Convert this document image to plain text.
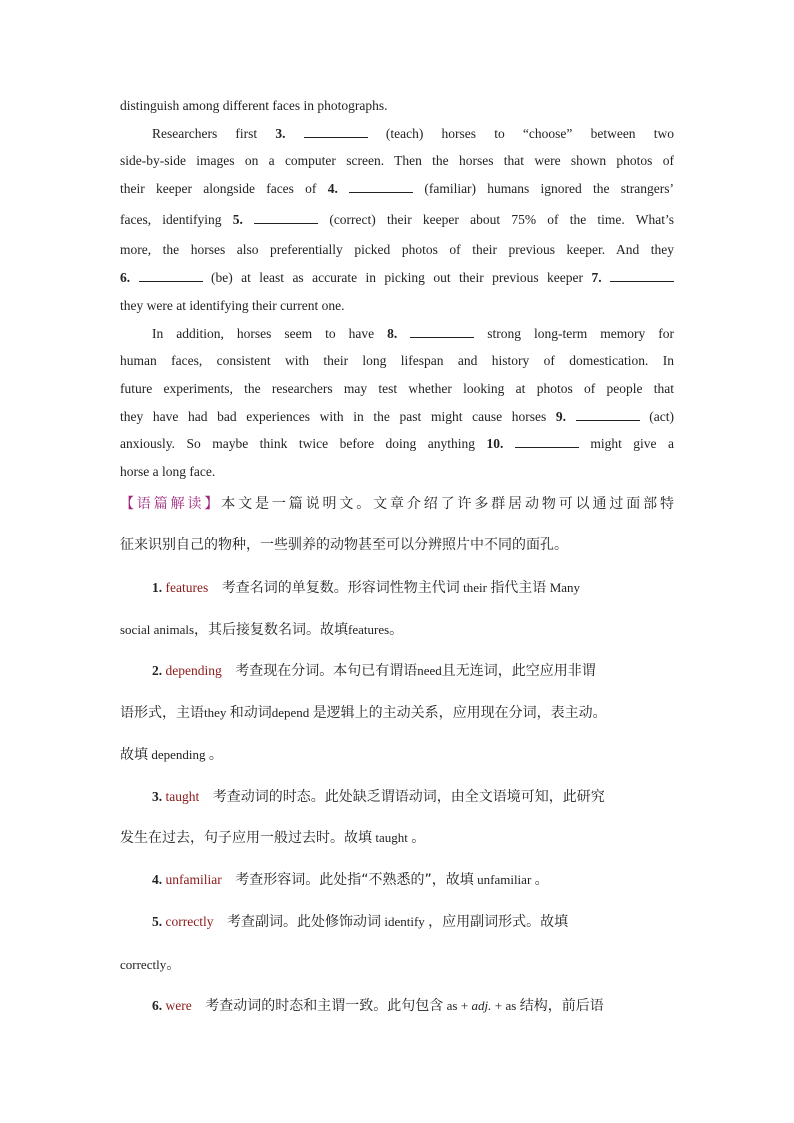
distinguish among different faces in photographs.
Researchers first 3.	(teach) horses to “choose” between two
side-by-side images on a computer screen. Then the horses that were shown photos of
their keeper alongside faces of 4.	(familiar) humans ignored the strangers’
faces, identifying 5.	(correct) their keeper about 75% of the time. What’s
more, the horses also preferentially picked photos of their previous keeper. And they
6.	(be) at least as accurate in picking out their previous keeper 7.
they were at identifying their current one.
In addition, horses seem to have 8.	strong long-term memory for
human faces, consistent with their long lifespan and history of domestication. In
future experiments, the researchers may test whether looking at photos of people that
they have had bad experiences with in the past might cause horses 9.	(act)
anxiously. So maybe think twice before doing anything 10.	might give a
horse a long face.
【语篇解读】本文是一篇说明文。文章介绍了许多群居动物可以通过面部特
征来识别自己的物种，一些驯养的动物甚至可以分辨照片中不同的面孔。
1. features 考查名词的单复数。形容词性物主代词 their 指代主语 Many
social animals，其后接复数名词。故填features。
2. depending 考查现在分词。本句已有谓语need且无连词，此空应用非谓
语形式，主语they 和动词depend 是逻辑上的主动关系，应用现在分词，表主动。
故填 depending 。
3. taught 考查动词的时态。此处缺乏谓语动词，由全文语境可知，此研究
发生在过去，句子应用一般过去时。故填 taught 。
4. unfamiliar 考查形容词。此处指“不熟悉的”，故填 unfamiliar 。
5. correctly 考查副词。此处修饰动词 identify ，应用副词形式。故填
correctly。
6. were 考查动词的时态和主谓一致。此句包含 as + adj. + as 结构，前后语
